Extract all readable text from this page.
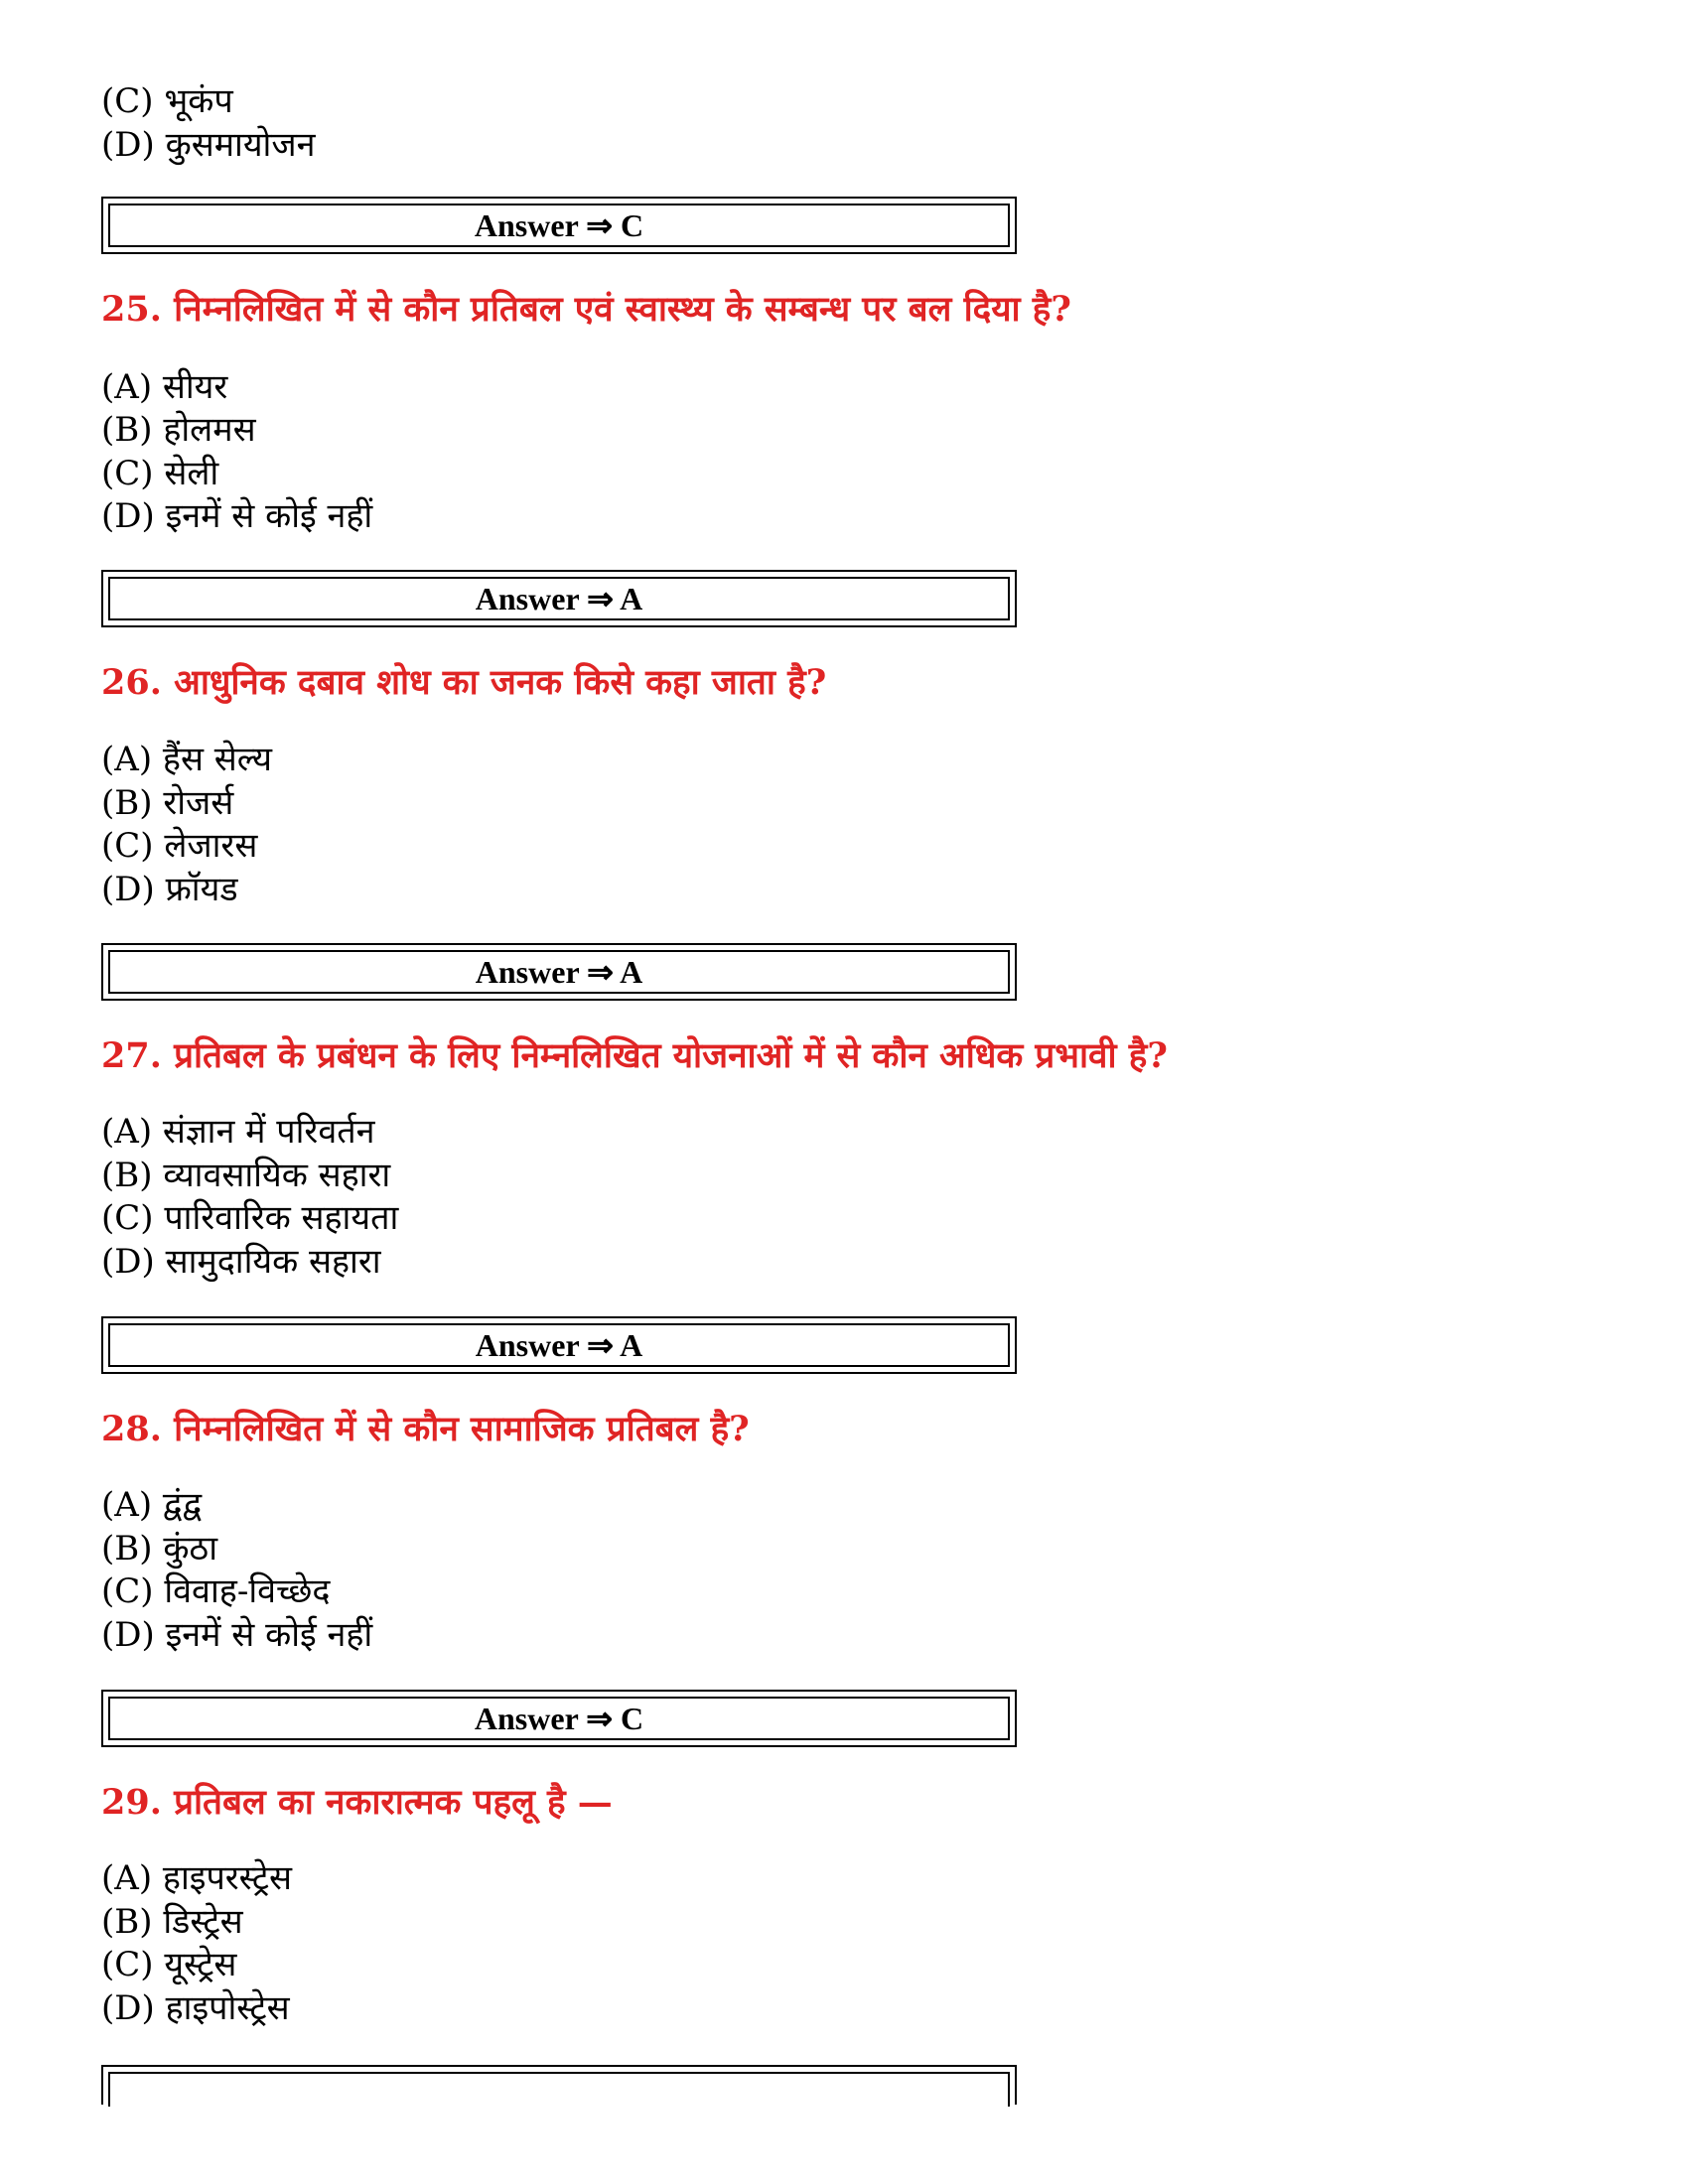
(C) भूकंप
(D) कुसमायोजन
Answer ⇒ C
25. निम्नलिखित में से कौन प्रतिबल एवं स्वास्थ्य के सम्बन्ध पर बल दिया है?
(A) सीयर
(B) होलमस
(C) सेली
(D) इनमें से कोई नहीं
Answer ⇒ A
26. आधुनिक दबाव शोध का जनक किसे कहा जाता है?
(A) हैंस सेल्य
(B) रोजर्स
(C) लेजारस
(D) फ्रॉयड
Answer ⇒ A
27. प्रतिबल के प्रबंधन के लिए निम्नलिखित योजनाओं में से कौन अधिक प्रभावी है?
(A) संज्ञान में परिवर्तन
(B) व्यावसायिक सहारा
(C) पारिवारिक सहायता
(D) सामुदायिक सहारा
Answer ⇒ A
28. निम्नलिखित में से कौन सामाजिक प्रतिबल है?
(A) द्वंद्व
(B) कुंठा
(C) विवाह-विच्छेद
(D) इनमें से कोई नहीं
Answer ⇒ C
29. प्रतिबल का नकारात्मक पहलू है —
(A) हाइपरस्ट्रेस
(B) डिस्ट्रेस
(C) यूस्ट्रेस
(D) हाइपोस्ट्रेस
